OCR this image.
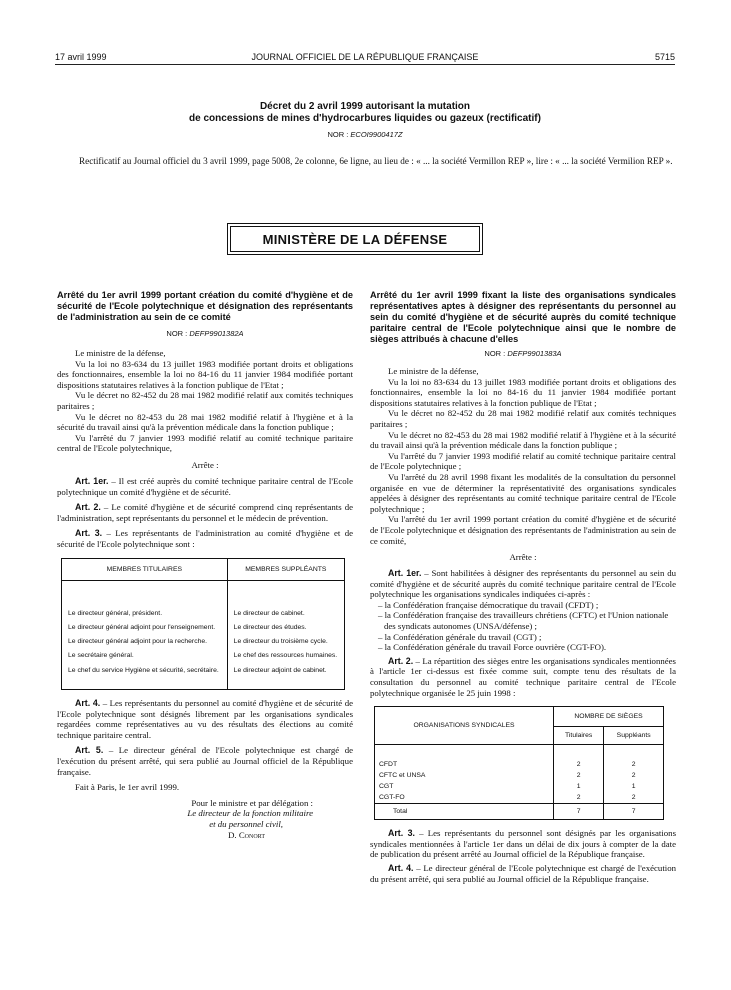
17 avril 1999	JOURNAL OFFICIEL DE LA RÉPUBLIQUE FRANÇAISE	5715
Décret du 2 avril 1999 autorisant la mutation
de concessions de mines d'hydrocarbures liquides ou gazeux (rectificatif)
NOR : ECOI9900417Z

Rectificatif au Journal officiel du 3 avril 1999, page 5008, 2e colonne, 6e ligne, au lieu de : « ... la société Vermillon REP », lire : « ... la société Vermilion REP ».

MINISTÈRE DE LA DÉFENSE

Arrêté du 1er avril 1999 portant création du comité d'hygiène et de sécurité de l'Ecole polytechnique et désignation des représentants de l'administration au sein de ce comité

NOR : DEFP9901382A

Le ministre de la défense,

Vu la loi no 83-634 du 13 juillet 1983 modifiée portant droits et obligations des fonctionnaires, ensemble la loi no 84-16 du 11 janvier 1984 modifiée portant dispositions statutaires relatives à la fonction publique de l'Etat ;

Vu le décret no 82-452 du 28 mai 1982 modifié relatif aux comités techniques paritaires ;

Vu le décret no 82-453 du 28 mai 1982 modifié relatif à l'hygiène et à la sécurité du travail ainsi qu'à la prévention médicale dans la fonction publique ;

Vu l'arrêté du 7 janvier 1993 modifié relatif au comité technique paritaire central de l'Ecole polytechnique,

Arrête :

Art. 1er. – Il est créé auprès du comité technique paritaire central de l'Ecole polytechnique un comité d'hygiène et de sécurité.

Art. 2. – Le comité d'hygiène et de sécurité comprend cinq représentants de l'administration, sept représentants du personnel et le médecin de prévention.

Art. 3. – Les représentants de l'administration au comité d'hygiène et de sécurité de l'Ecole polytechnique sont :

MEMBRES TITULAIRES	MEMBRES SUPPLÉANTS

Le directeur général, président.	Le directeur de cabinet.
Le directeur général adjoint pour l'enseignement.	Le directeur des études.
Le directeur général adjoint pour la recherche.	Le directeur du troisième cycle.
Le secrétaire général.	Le chef des ressources humaines.
Le chef du service Hygiène et sécurité, secrétaire.	Le directeur adjoint de cabinet.

Art. 4. – Les représentants du personnel au comité d'hygiène et de sécurité de l'Ecole polytechnique sont désignés librement par les organisations syndicales regardées comme représentatives au vu des résultats des élections au comité technique paritaire central.

Art. 5. – Le directeur général de l'Ecole polytechnique est chargé de l'exécution du présent arrêté, qui sera publié au Journal officiel de la République française.

Fait à Paris, le 1er avril 1999.

Pour le ministre et par délégation :

Le directeur de la fonction militaire

et du personnel civil,

D. Conort

Arrêté du 1er avril 1999 fixant la liste des organisations syndicales représentatives aptes à désigner des représentants du personnel au sein du comité d'hygiène et de sécurité auprès du comité technique paritaire central de l'Ecole polytechnique ainsi que le nombre de sièges attribués à chacune d'elles

NOR : DEFP9901383A

Le ministre de la défense,

Vu la loi no 83-634 du 13 juillet 1983 modifiée portant droits et obligations des fonctionnaires, ensemble la loi no 84-16 du 11 janvier 1984 modifiée portant dispositions statutaires relatives à la fonction publique de l'Etat ;

Vu le décret no 82-452 du 28 mai 1982 modifié relatif aux comités techniques paritaires ;

Vu le décret no 82-453 du 28 mai 1982 modifié relatif à l'hygiène et à la sécurité du travail ainsi qu'à la prévention médicale dans la fonction publique ;

Vu l'arrêté du 7 janvier 1993 modifié relatif au comité technique paritaire central de l'Ecole polytechnique ;

Vu l'arrêté du 28 avril 1998 fixant les modalités de la consultation du personnel organisée en vue de déterminer la représentativité des organisations syndicales appelées à désigner des représentants au comité technique paritaire central de l'Ecole polytechnique ;

Vu l'arrêté du 1er avril 1999 portant création du comité d'hygiène et de sécurité de l'Ecole polytechnique et désignation des représentants de l'administration au sein de ce comité,

Arrête :

Art. 1er. – Sont habilitées à désigner des représentants du personnel au sein du comité d'hygiène et de sécurité auprès du comité technique paritaire central de l'Ecole polytechnique les organisations syndicales indiquées ci-après :

– la Confédération française démocratique du travail (CFDT) ;

– la Confédération française des travailleurs chrétiens (CFTC) et l'Union nationale des syndicats autonomes (UNSA/défense) ;

– la Confédération générale du travail (CGT) ;

– la Confédération générale du travail Force ouvrière (CGT-FO).

Art. 2. – La répartition des sièges entre les organisations syndicales mentionnées à l'article 1er ci-dessus est fixée comme suit, compte tenu des résultats de la consultation du personnel au comité technique paritaire central de l'Ecole polytechnique organisée le 25 juin 1998 :

ORGANISATIONS SYNDICALES	NOMBRE DE SIÈGES	
	Titulaires	Suppléants

CFDT	2	2
CFTC et UNSA	2	2
CGT	1	1
CGT-FO	2	2
Total	7	7

Art. 3. – Les représentants du personnel sont désignés par les organisations syndicales mentionnées à l'article 1er dans un délai de dix jours à compter de la date de publication du présent arrêté au Journal officiel de la République française.

Art. 4. – Le directeur général de l'Ecole polytechnique est chargé de l'exécution du présent arrêté, qui sera publié au Journal officiel de la République française.
